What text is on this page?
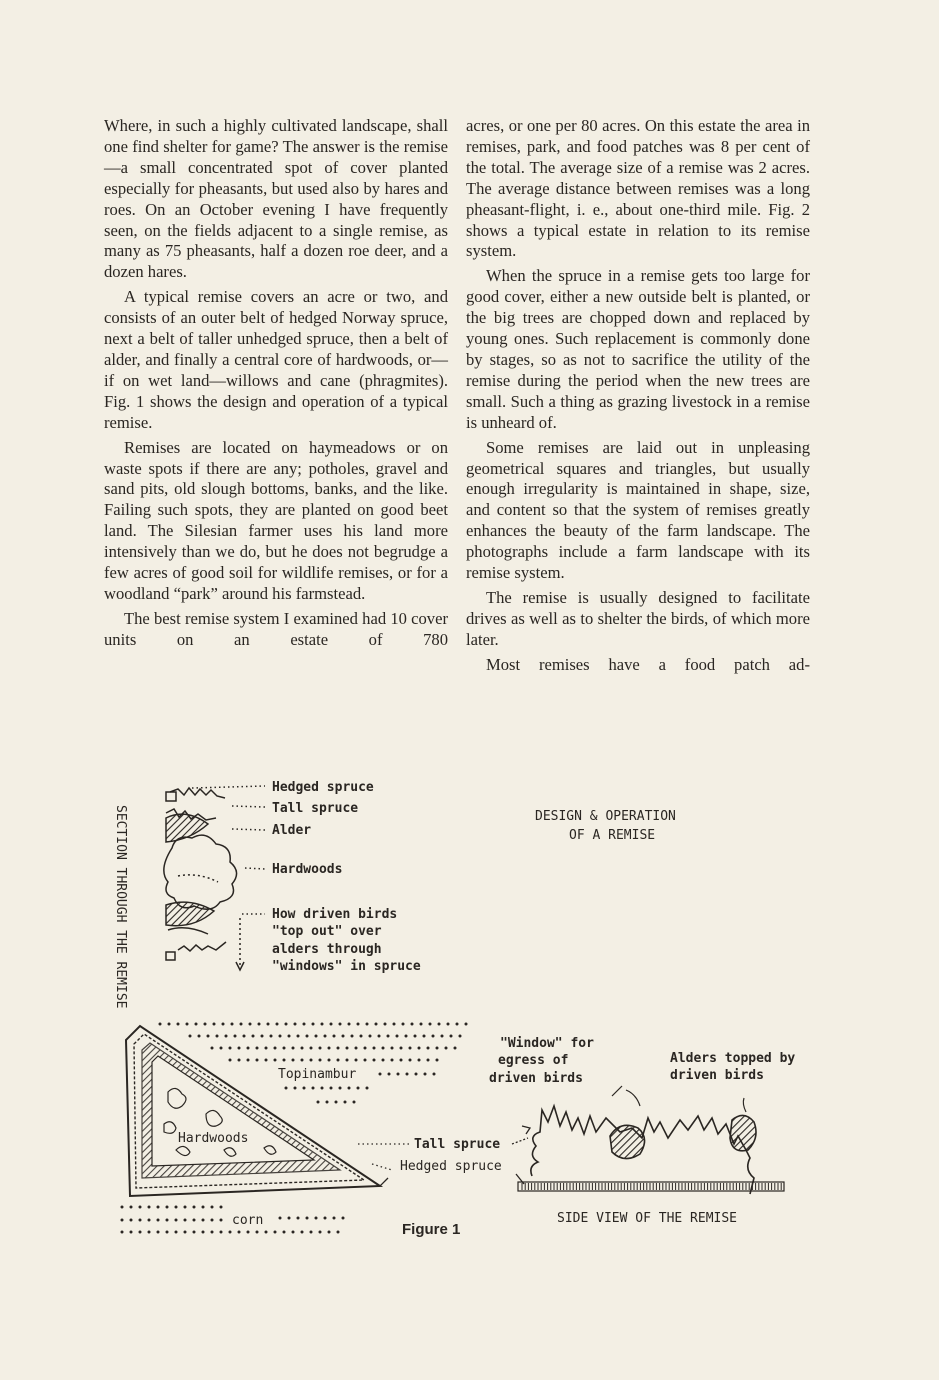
Where, in such a highly cultivated landscape, shall one find shelter for game? The answer is the remise—a small concentrated spot of cover planted especially for pheasants, but used also by hares and roes. On an October evening I have frequently seen, on the fields adjacent to a single remise, as many as 75 pheasants, half a dozen roe deer, and a dozen hares.

A typical remise covers an acre or two, and consists of an outer belt of hedged Norway spruce, next a belt of taller unhedged spruce, then a belt of alder, and finally a central core of hardwoods, or—if on wet land—willows and cane (phragmites). Fig. 1 shows the design and operation of a typical remise.

Remises are located on haymeadows or on waste spots if there are any; potholes, gravel and sand pits, old slough bottoms, banks, and the like. Failing such spots, they are planted on good beet land. The Silesian farmer uses his land more intensively than we do, but he does not begrudge a few acres of good soil for wildlife remises, or for a woodland “park” around his farmstead.

The best remise system I examined had 10 cover units on an estate of 780

acres, or one per 80 acres. On this estate the area in remises, park, and food patches was 8 per cent of the total. The average size of a remise was 2 acres. The average distance between remises was a long pheasant-flight, i. e., about one-third mile. Fig. 2 shows a typical estate in relation to its remise system.

When the spruce in a remise gets too large for good cover, either a new outside belt is planted, or the big trees are chopped down and replaced by young ones. Such replacement is commonly done by stages, so as not to sacrifice the utility of the remise during the period when the new trees are small. Such a thing as grazing livestock in a remise is unheard of.

Some remises are laid out in unpleasing geometrical squares and triangles, but usually enough irregularity is maintained in shape, size, and content so that the system of remises greatly enhances the beauty of the farm landscape. The photographs include a farm landscape with its remise system.

The remise is usually designed to facilitate drives as well as to shelter the birds, of which more later.

Most remises have a food patch ad-

SECTION THROUGH THE REMISE
Hedged spruce
Tall spruce
Alder
Hardwoods
How driven birds
"top out" over
alders through
"windows" in spruce
DESIGN & OPERATION
OF A REMISE
Topinambur
Hardwoods	Tall spruce
Hedged spruce
corn
"Window" for
egress of
driven birds
Alders topped by
driven birds
SIDE VIEW OF THE REMISE
Figure 1
